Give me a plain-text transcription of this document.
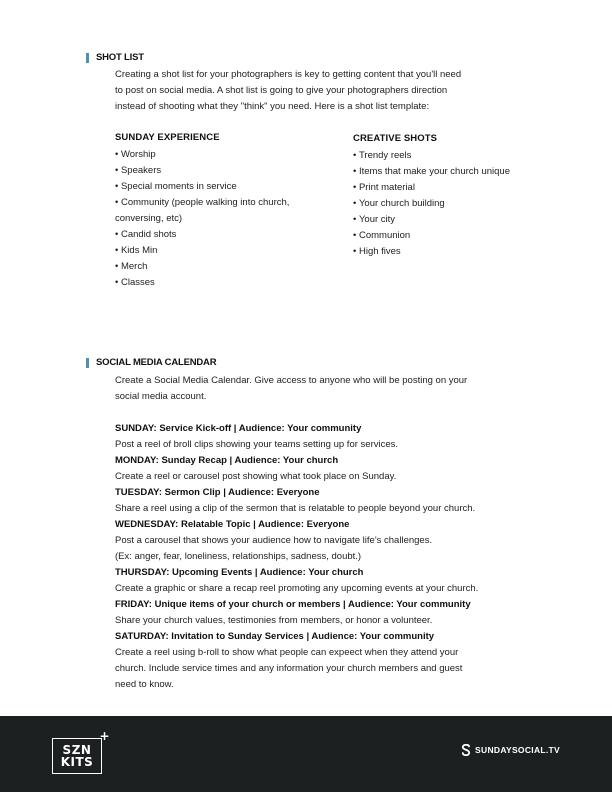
SHOT LIST
Creating a shot list for your photographers is key to getting content that you'll need
to post on social media. A shot list is going to give your photographers direction
instead of shooting what they "think" you need. Here is a shot list template:
SUNDAY EXPERIENCE
• Worship
• Speakers
• Special moments in service
• Community (people walking into church, conversing, etc)
• Candid shots
• Kids Min
• Merch
• Classes
CREATIVE SHOTS
• Trendy reels
• Items that make your church unique
• Print material
• Your church building
• Your city
• Communion
• High fives
SOCIAL MEDIA CALENDAR
Create a Social Media Calendar. Give access to anyone who will be posting on your
social media account.
SUNDAY: Service Kick-off | Audience: Your community
Post a reel of broll clips showing your teams setting up for services.
MONDAY: Sunday Recap | Audience: Your church
Create a reel or carousel post showing what took place on Sunday.
TUESDAY: Sermon Clip | Audience: Everyone
Share a reel using a clip of the sermon that is relatable to people beyond your church.
WEDNESDAY: Relatable Topic | Audience: Everyone
Post a carousel that shows your audience how to navigate life's challenges.
(Ex: anger, fear, loneliness, relationships, sadness, doubt.)
THURSDAY: Upcoming Events | Audience: Your church
Create a graphic or share a recap reel promoting any upcoming events at your church.
FRIDAY: Unique items of your church or members | Audience: Your community
Share your church values, testimonies from members, or honor a volunteer.
SATURDAY: Invitation to Sunday Services | Audience: Your community
Create a reel using b-roll to show what people can expeect when they attend your
church. Include service times and any information your church members and guest
need to know.
+
SZN
KITS
SUNDAYSOCIAL.TV
